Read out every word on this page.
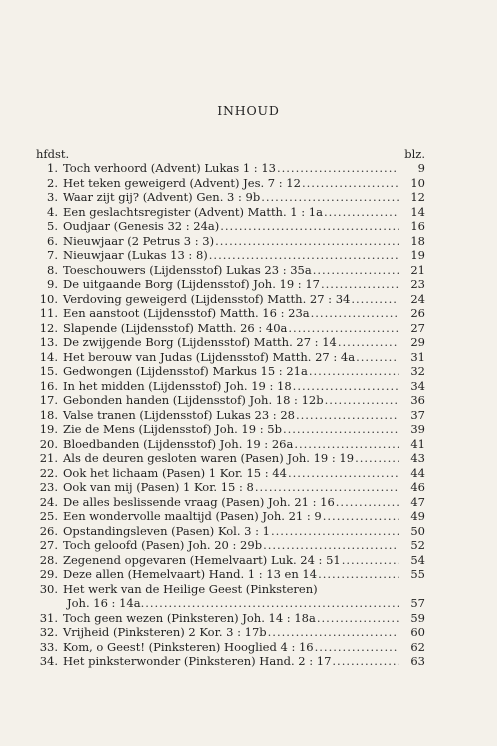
INHOUD
hfdst.	blz.
1. Toch verhoord (Advent) Lukas 1 : 13 .....	9
2. Het teken geweigerd (Advent) Jes. 7 : 12 .....	10
3. Waar zijt gij? (Advent) Gen. 3 : 9b .....	12
4. Een geslachtsregister (Advent) Matth. 1 : 1a .....	14
5. Oudjaar (Genesis 32 : 24a) .....	16
6. Nieuwjaar (2 Petrus 3 : 3) .....	18
7. Nieuwjaar (Lukas 13 : 8) .....	19
8. Toeschouwers (Lijdensstof) Lukas 23 : 35a .....	21
9. De uitgaande Borg (Lijdensstof) Joh. 19 : 17 .....	23
10. Verdoving geweigerd (Lijdensstof) Matth. 27 : 34 .....	24
11. Een aanstoot (Lijdensstof) Matth. 16 : 23a .....	26
12. Slapende (Lijdensstof) Matth. 26 : 40a .....	27
13. De zwijgende Borg (Lijdensstof) Matth. 27 : 14 .....	29
14. Het berouw van Judas (Lijdensstof) Matth. 27 : 4a .....	31
15. Gedwongen (Lijdensstof) Markus 15 : 21a .....	32
16. In het midden (Lijdensstof) Joh. 19 : 18 .....	34
17. Gebonden handen (Lijdensstof) Joh. 18 : 12b .....	36
18. Valse tranen (Lijdensstof) Lukas 23 : 28 .....	37
19. Zie de Mens (Lijdensstof) Joh. 19 : 5b .....	39
20. Bloedbanden (Lijdensstof) Joh. 19 : 26a .....	41
21. Als de deuren gesloten waren (Pasen) Joh. 19 : 19 .....	43
22. Ook het lichaam (Pasen) 1 Kor. 15 : 44 .....	44
23. Ook van mij (Pasen) 1 Kor. 15 : 8 .....	46
24. De alles beslissende vraag (Pasen) Joh. 21 : 16 .....	47
25. Een wondervolle maaltijd (Pasen) Joh. 21 : 9 .....	49
26. Opstandingsleven (Pasen) Kol. 3 : 1 .....	50
27. Toch geloofd (Pasen) Joh. 20 : 29b .....	52
28. Zegenend opgevaren (Hemelvaart) Luk. 24 : 51 .....	54
29. Deze allen (Hemelvaart) Hand. 1 : 13 en 14 .....	55
30. Het werk van de Heilige Geest (Pinksteren)
Joh. 16 : 14a .....	57
31. Toch geen wezen (Pinksteren) Joh. 14 : 18a .....	59
32. Vrijheid (Pinksteren) 2 Kor. 3 : 17b .....	60
33. Kom, o Geest! (Pinksteren) Hooglied 4 : 16 .....	62
34. Het pinksterwonder (Pinksteren) Hand. 2 : 17 .....	63
